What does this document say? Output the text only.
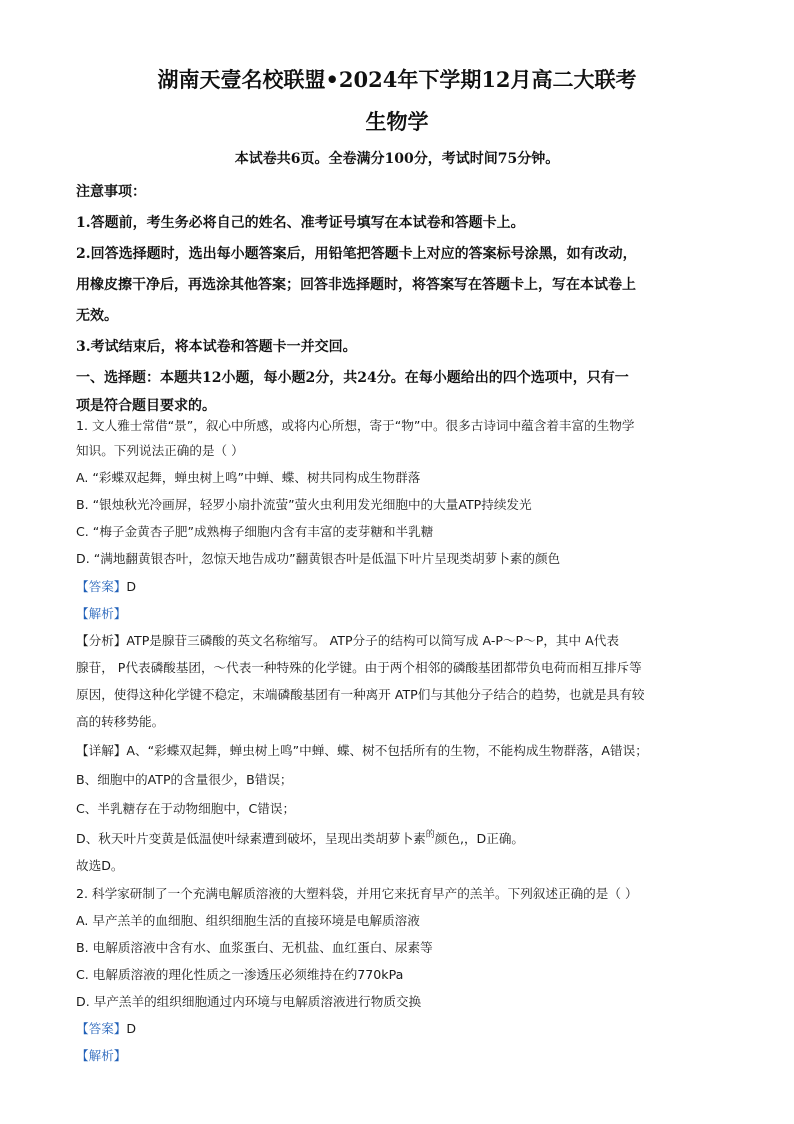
湖南天壹名校联盟•2024年下学期12月高二大联考
生物学
本试卷共6页。全卷满分100分，考试时间75分钟。
注意事项：
1.答题前，考生务必将自己的姓名、准考证号填写在本试卷和答题卡上。
2.回答选择题时，选出每小题答案后，用铅笔把答题卡上对应的答案标号涂黑，如有改动，
用橡皮擦干净后，再选涂其他答案；回答非选择题时，将答案写在答题卡上，写在本试卷上
无效。
3.考试结束后，将本试卷和答题卡一并交回。
一、选择题：本题共12小题，每小题2分，共24分。在每小题给出的四个选项中，只有一
项是符合题目要求的。
1. 文人雅士常借“景”，叙心中所感，或将内心所想，寄于“物”中。很多古诗词中蕴含着丰富的生物学
知识。下列说法正确的是（ ）
A. “彩蝶双起舞，蝉虫树上鸣”中蝉、蝶、树共同构成生物群落
B. “银烛秋光冷画屏，轻罗小扇扑流萤”萤火虫利用发光细胞中的大量ATP持续发光
C. “梅子金黄杏子肥”成熟梅子细胞内含有丰富的麦芽糖和半乳糖
D. “满地翻黄银杏叶，忽惊天地告成功”翻黄银杏叶是低温下叶片呈现类胡萝卜素的颜色
【答案】D
【解析】
【分析】ATP是腺苷三磷酸的英文名称缩写。 ATP分子的结构可以简写成 A-P～P～P，其中 A代表
腺苷， P代表磷酸基团，～代表一种特殊的化学键。由于两个相邻的磷酸基团都带负电荷而相互排斥等
原因，使得这种化学键不稳定，末端磷酸基团有一种离开 ATP们与其他分子结合的趋势，也就是具有较
高的转移势能。
【详解】A、“彩蝶双起舞，蝉虫树上鸣”中蝉、蝶、树不包括所有的生物，不能构成生物群落，A错误；
B、细胞中的ATP的含量很少，B错误；
C、半乳糖存在于动物细胞中，C错误；
D、秋天叶片变黄是低温使叶绿素遭到破坏，呈现出类胡萝卜素$^的$颜色,，D正确。
故选D。
2. 科学家研制了一个充满电解质溶液的大塑料袋，并用它来抚育早产的羔羊。下列叙述正确的是（ ）
A. 早产羔羊的血细胞、组织细胞生活的直接环境是电解质溶液
B. 电解质溶液中含有水、血浆蛋白、无机盐、血红蛋白、尿素等
C. 电解质溶液的理化性质之一渗透压必须维持在约770kPa
D. 早产羔羊的组织细胞通过内环境与电解质溶液进行物质交换
【答案】D
【解析】
